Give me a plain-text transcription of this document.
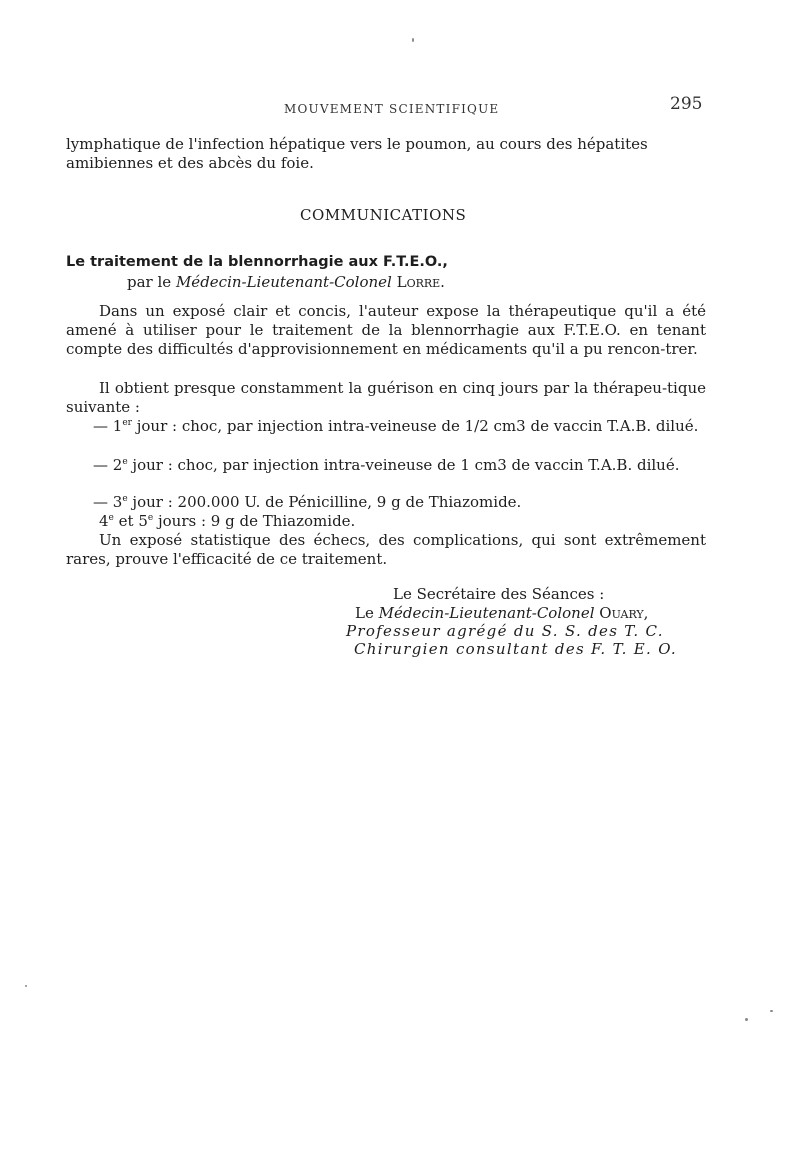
MOUVEMENT SCIENTIFIQUE	295
lymphatique de l'infection hépatique vers le poumon, au cours des hépatites
amibiennes et des abcès du foie.
COMMUNICATIONS
Le traitement de la blennorrhagie aux F.T.E.O.,
par le Médecin-Lieutenant-Colonel Lorre.
Dans un exposé clair et concis, l'auteur expose la thérapeutique qu'il a été amené à utiliser pour le traitement de la blennorrhagie aux F.T.E.O. en tenant compte des difficultés d'approvisionnement en médicaments qu'il a pu rencon-trer.
Il obtient presque constamment la guérison en cinq jours par la thérapeu-tique suivante :
— 1er jour : choc, par injection intra-veineuse de 1/2 cm3 de vaccin T.A.B. dilué.
— 2e jour : choc, par injection intra-veineuse de 1 cm3 de vaccin T.A.B. dilué.
— 3e jour : 200.000 U. de Pénicilline, 9 g de Thiazomide.
4e et 5e jours : 9 g de Thiazomide.
Un exposé statistique des échecs, des complications, qui sont extrêmement rares, prouve l'efficacité de ce traitement.
Le Secrétaire des Séances :
Le Médecin-Lieutenant-Colonel Ouary,
Professeur agrégé du S. S. des T. C.
Chirurgien consultant des F. T. E. O.
